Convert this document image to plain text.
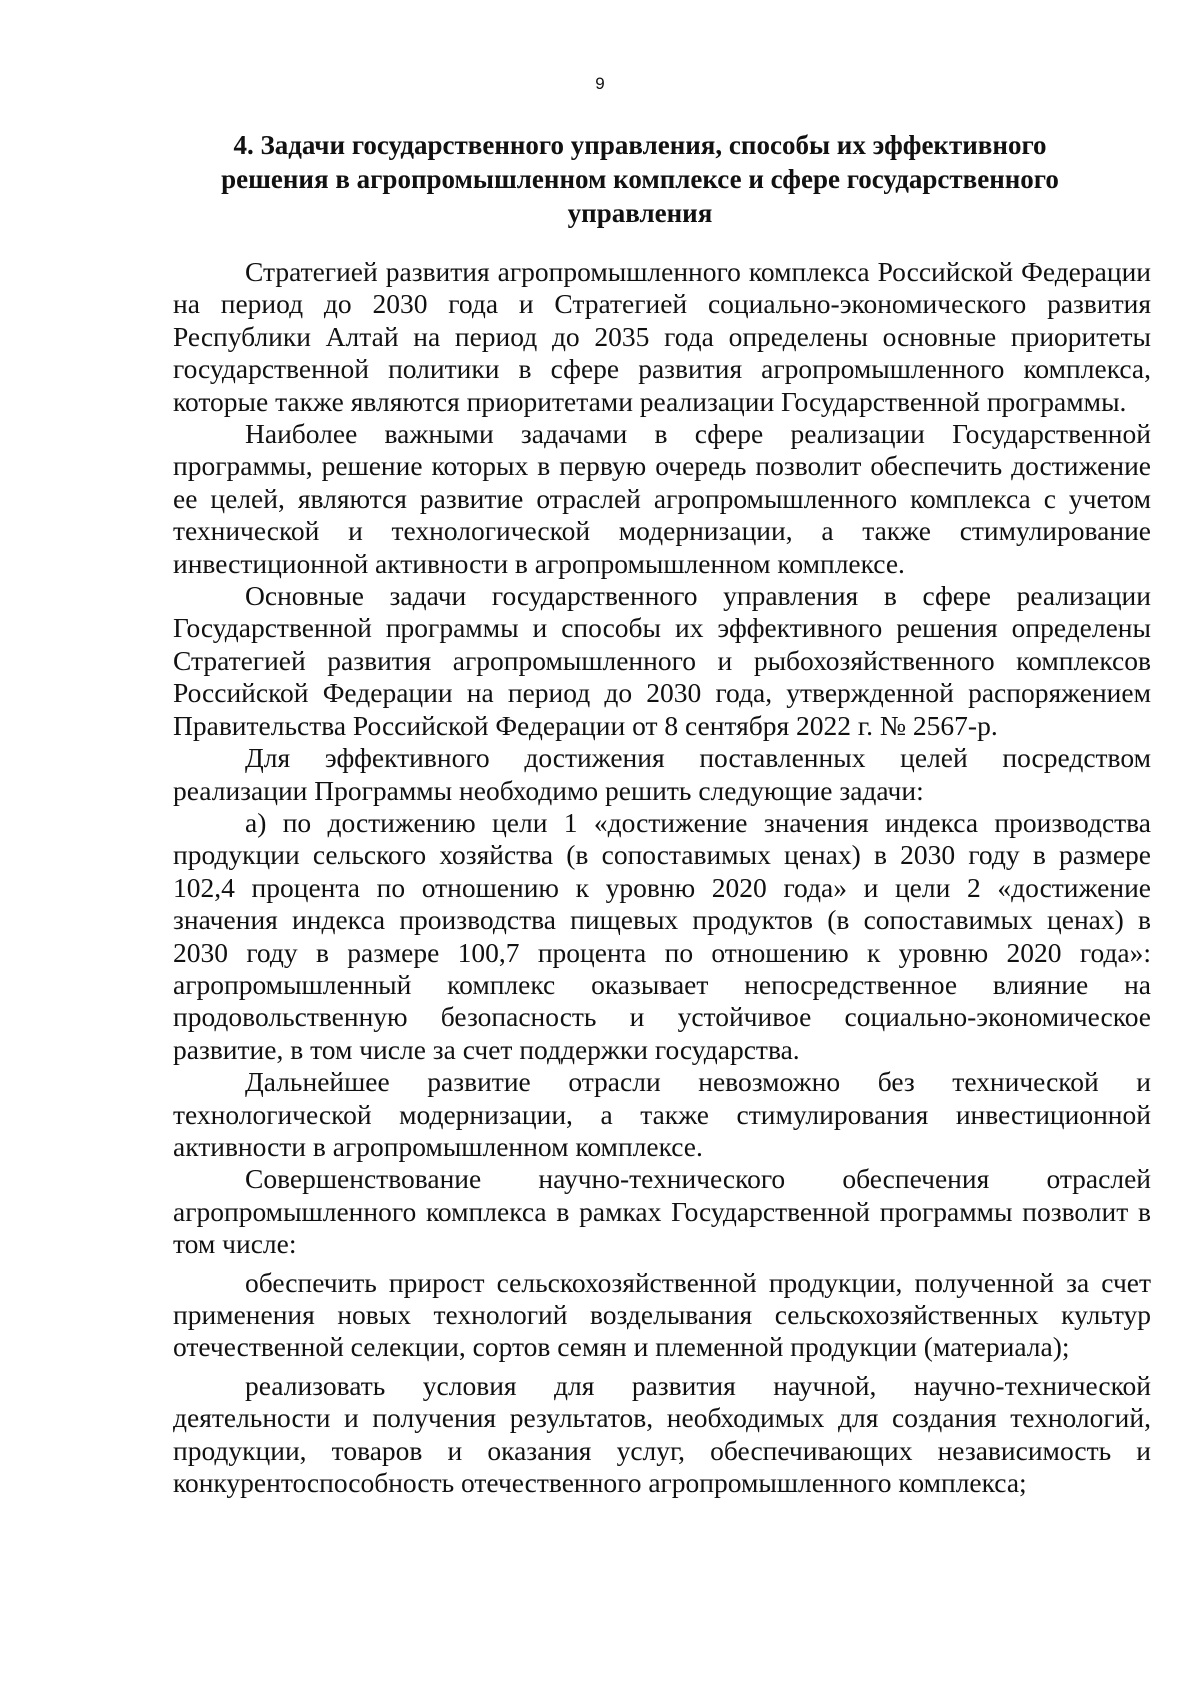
9
4. Задачи государственного управления, способы их эффективного
решения в агропромышленном комплексе и сфере государственного
управления

Стратегией развития агропромышленного комплекса Российской Федерации на период до 2030 года и Стратегией социально-экономического развития Республики Алтай на период до 2035 года определены основные приоритеты государственной политики в сфере развития агропромышленного комплекса, которые также являются приоритетами реализации Государственной программы.

Наиболее важными задачами в сфере реализации Государственной программы, решение которых в первую очередь позволит обеспечить достижение ее целей, являются развитие отраслей агропромышленного комплекса с учетом технической и технологической модернизации, а также стимулирование инвестиционной активности в агропромышленном комплексе.

Основные задачи государственного управления в сфере реализации Государственной программы и способы их эффективного решения определены Стратегией развития агропромышленного и рыбохозяйственного комплексов Российской Федерации на период до 2030 года, утвержденной распоряжением Правительства Российской Федерации от 8 сентября 2022 г. № 2567-р.

Для эффективного достижения поставленных целей посредством реализации Программы необходимо решить следующие задачи:

а) по достижению цели 1 «достижение значения индекса производства продукции сельского хозяйства (в сопоставимых ценах) в 2030 году в размере 102,4 процента по отношению к уровню 2020 года» и цели 2 «достижение значения индекса производства пищевых продуктов (в сопоставимых ценах) в 2030 году в размере 100,7 процента по отношению к уровню 2020 года»: агропромышленный комплекс оказывает непосредственное влияние на продовольственную безопасность и устойчивое социально-экономическое развитие, в том числе за счет поддержки государства.

Дальнейшее развитие отрасли невозможно без технической и технологической модернизации, а также стимулирования инвестиционной активности в агропромышленном комплексе.

Совершенствование научно-технического обеспечения отраслей агропромышленного комплекса в рамках Государственной программы позволит в том числе:

обеспечить прирост сельскохозяйственной продукции, полученной за счет применения новых технологий возделывания сельскохозяйственных культур отечественной селекции, сортов семян и племенной продукции (материала);

реализовать условия для развития научной, научно-технической деятельности и получения результатов, необходимых для создания технологий, продукции, товаров и оказания услуг, обеспечивающих независимость и конкурентоспособность отечественного агропромышленного комплекса;
